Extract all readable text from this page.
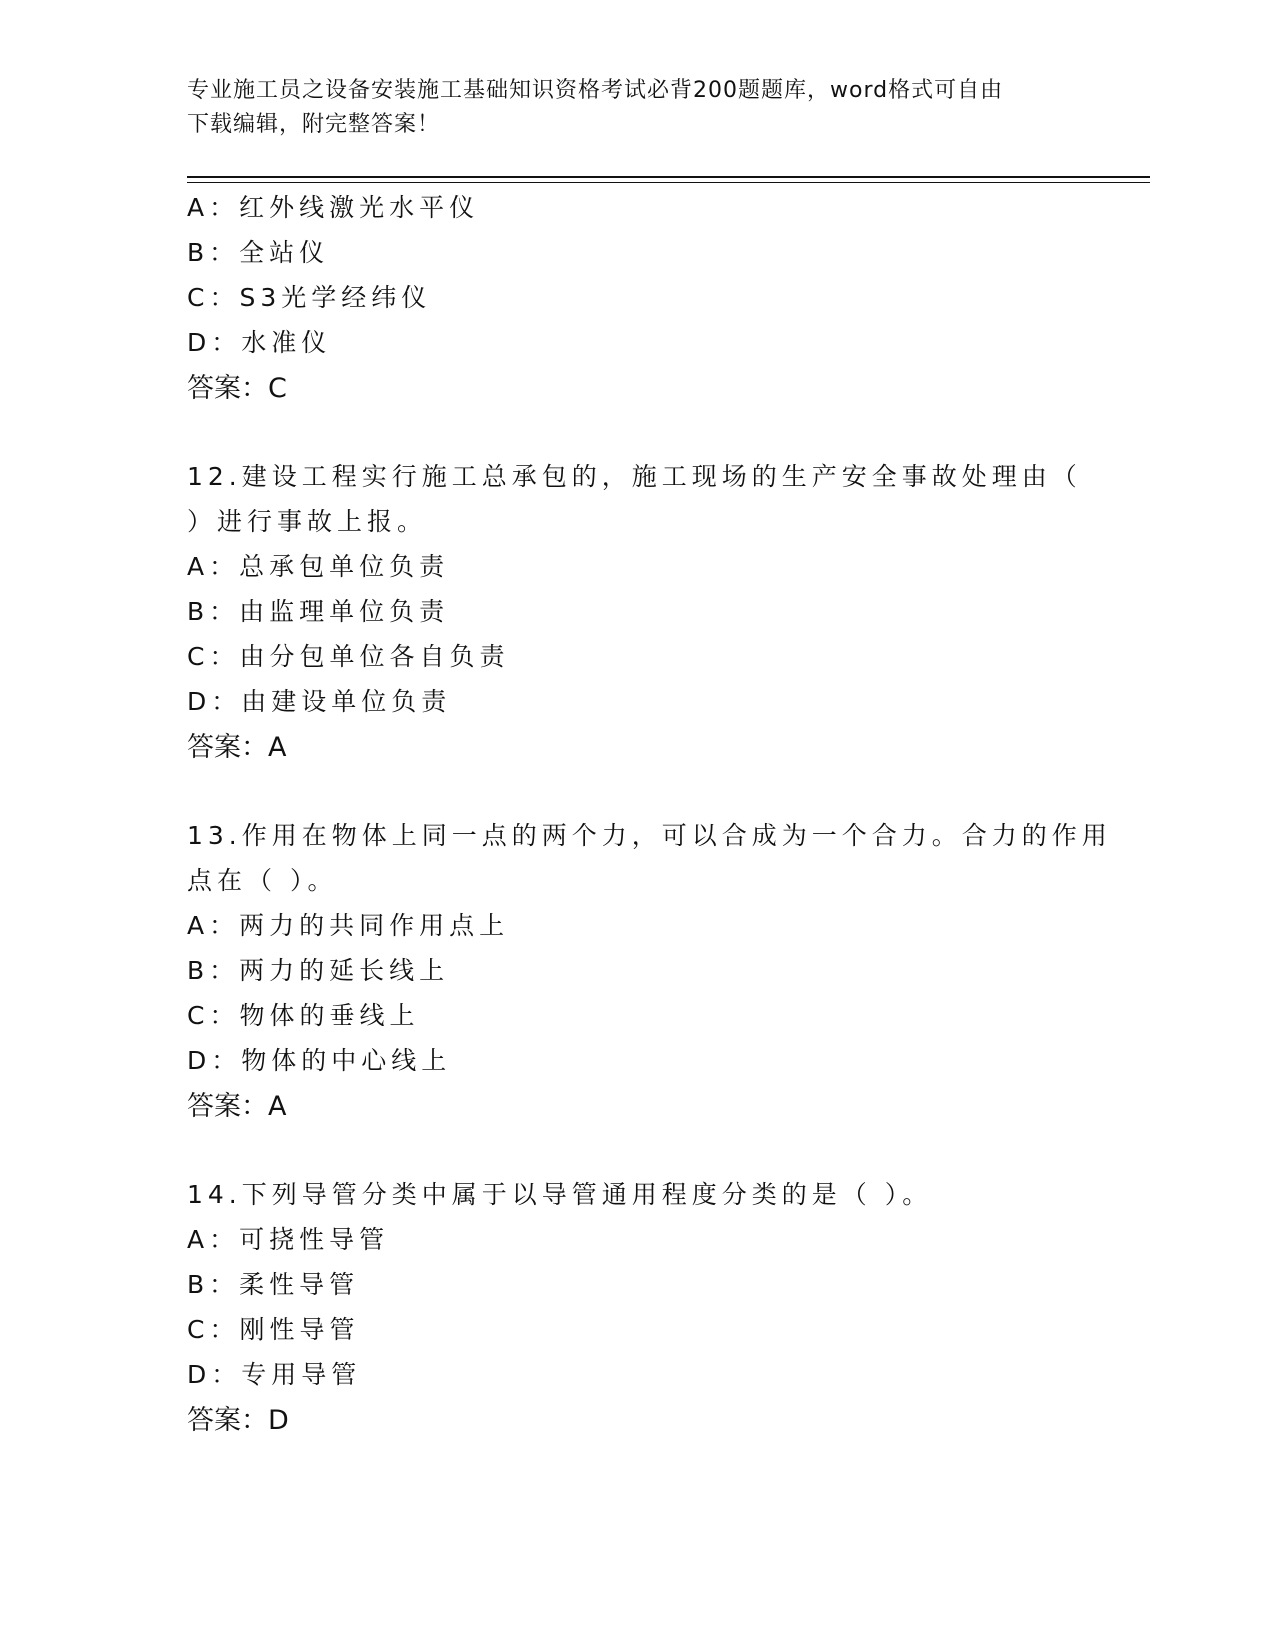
专业施工员之设备安装施工基础知识资格考试必背200题题库，word格式可自由
下载编辑，附完整答案！
A：红外线激光水平仪
B：全站仪
C：S3光学经纬仪
D：水准仪
答案：C
12.建设工程实行施工总承包的，施工现场的生产安全事故处理由（
）进行事故上报。
A：总承包单位负责
B：由监理单位负责
C：由分包单位各自负责
D：由建设单位负责
答案：A
13.作用在物体上同一点的两个力，可以合成为一个合力。合力的作用
点在（ ）。
A：两力的共同作用点上
B：两力的延长线上
C：物体的垂线上
D：物体的中心线上
答案：A
14.下列导管分类中属于以导管通用程度分类的是（ ）。
A：可挠性导管
B：柔性导管
C：刚性导管
D：专用导管
答案：D
